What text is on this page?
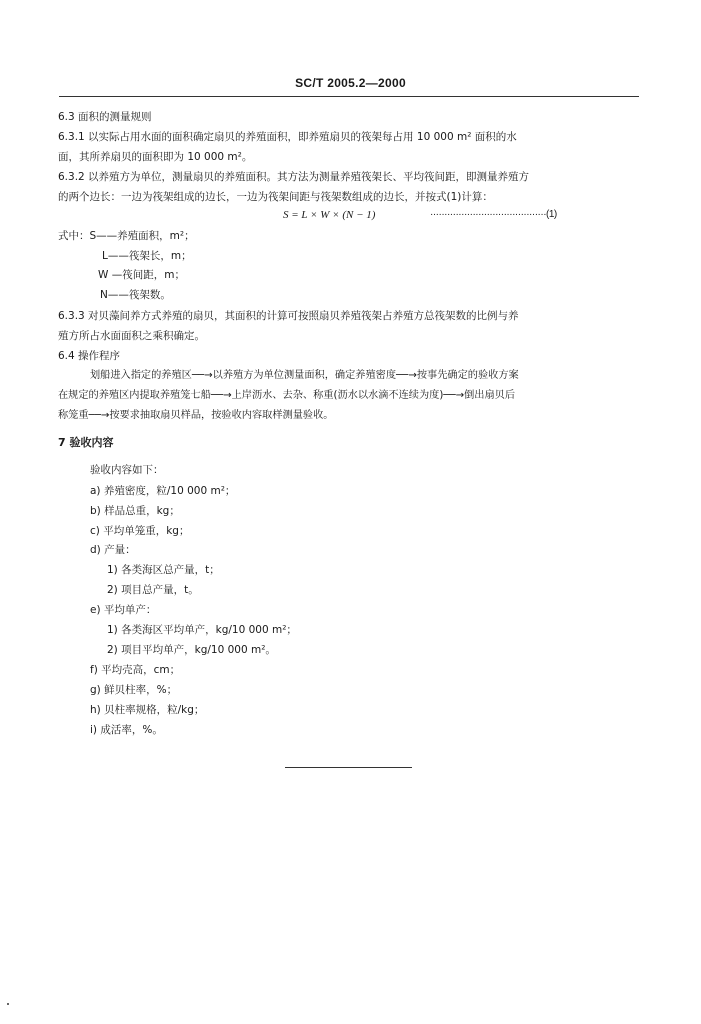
SC/T 2005.2—2000
6.3 面积的测量规则
6.3.1 以实际占用水面的面积确定扇贝的养殖面积，即养殖扇贝的筏架每占用 10 000 m² 面积的水
面，其所养扇贝的面积即为 10 000 m²。
6.3.2 以养殖方为单位，测量扇贝的养殖面积。其方法为测量养殖筏架长、平均筏间距，即测量养殖方
的两个边长：一边为筏架组成的边长，一边为筏架间距与筏架数组成的边长，并按式(1)计算：
S = L × W × (N − 1)	·········································(1)
式中：S——养殖面积，m²；
L——筏架长，m；
W —筏间距，m；
N——筏架数。
6.3.3 对贝藻间养方式养殖的扇贝，其面积的计算可按照扇贝养殖筏架占养殖方总筏架数的比例与养
殖方所占水面面积之乘积确定。
6.4 操作程序
划船进入指定的养殖区──→以养殖方为单位测量面积，确定养殖密度──→按事先确定的验收方案
在规定的养殖区内提取养殖笼七船──→上岸沥水、去杂、称重(沥水以水滴不连续为度)──→倒出扇贝后
称笼重──→按要求抽取扇贝样品，按验收内容取样测量验收。
7 验收内容
验收内容如下：
a) 养殖密度，粒/10 000 m²；
b) 样品总重，kg；
c) 平均单笼重，kg；
d) 产量：
1) 各类海区总产量，t；
2) 项目总产量，t。
e) 平均单产：
1) 各类海区平均单产，kg/10 000 m²；
2) 项目平均单产，kg/10 000 m²。
f) 平均壳高，cm；
g) 鲜贝柱率，%；
h) 贝柱率规格，粒/kg；
i) 成活率，%。
